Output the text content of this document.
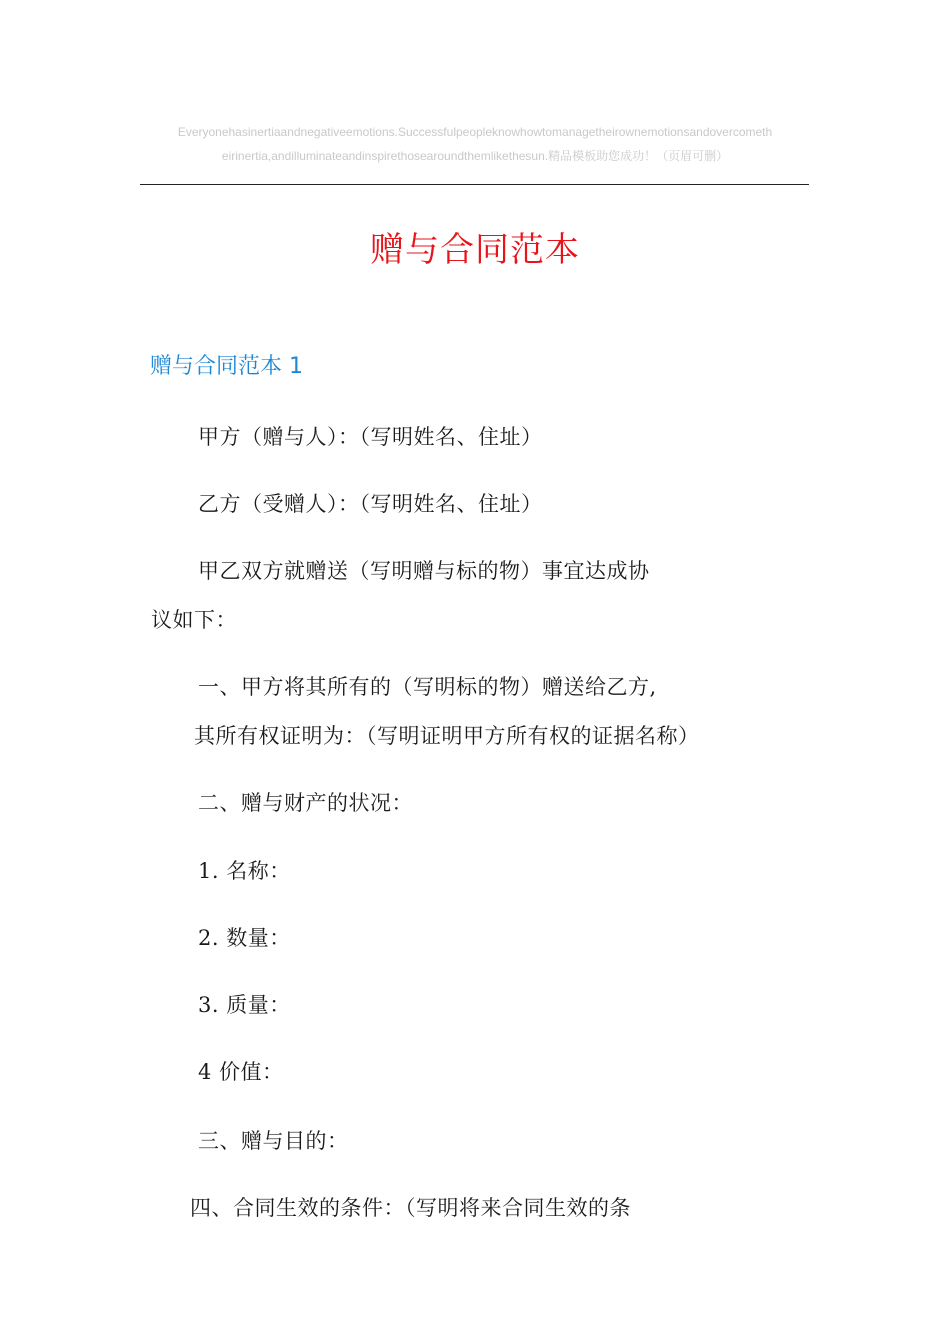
Everyonehasinertiaandnegativeemotions.Successfulpeopleknowhowtomanagetheirownemotionsandovercometheirinertia,andilluminateandinspirethosearoundthemlikethesun.精品模板助您成功！（页眉可删）
赠与合同范本
赠与合同范本 1
甲方（赠与人）：（写明姓名、住址）
乙方（受赠人）：（写明姓名、住址）
甲乙双方就赠送（写明赠与标的物）事宜达成协
议如下：
一、甲方将其所有的（写明标的物）赠送给乙方,
其所有权证明为：（写明证明甲方所有权的证据名称）
二、赠与财产的状况：
1. 名称：
2. 数量：
3. 质量：
4 价值：
三、赠与目的：
四、合同生效的条件：（写明将来合同生效的条
